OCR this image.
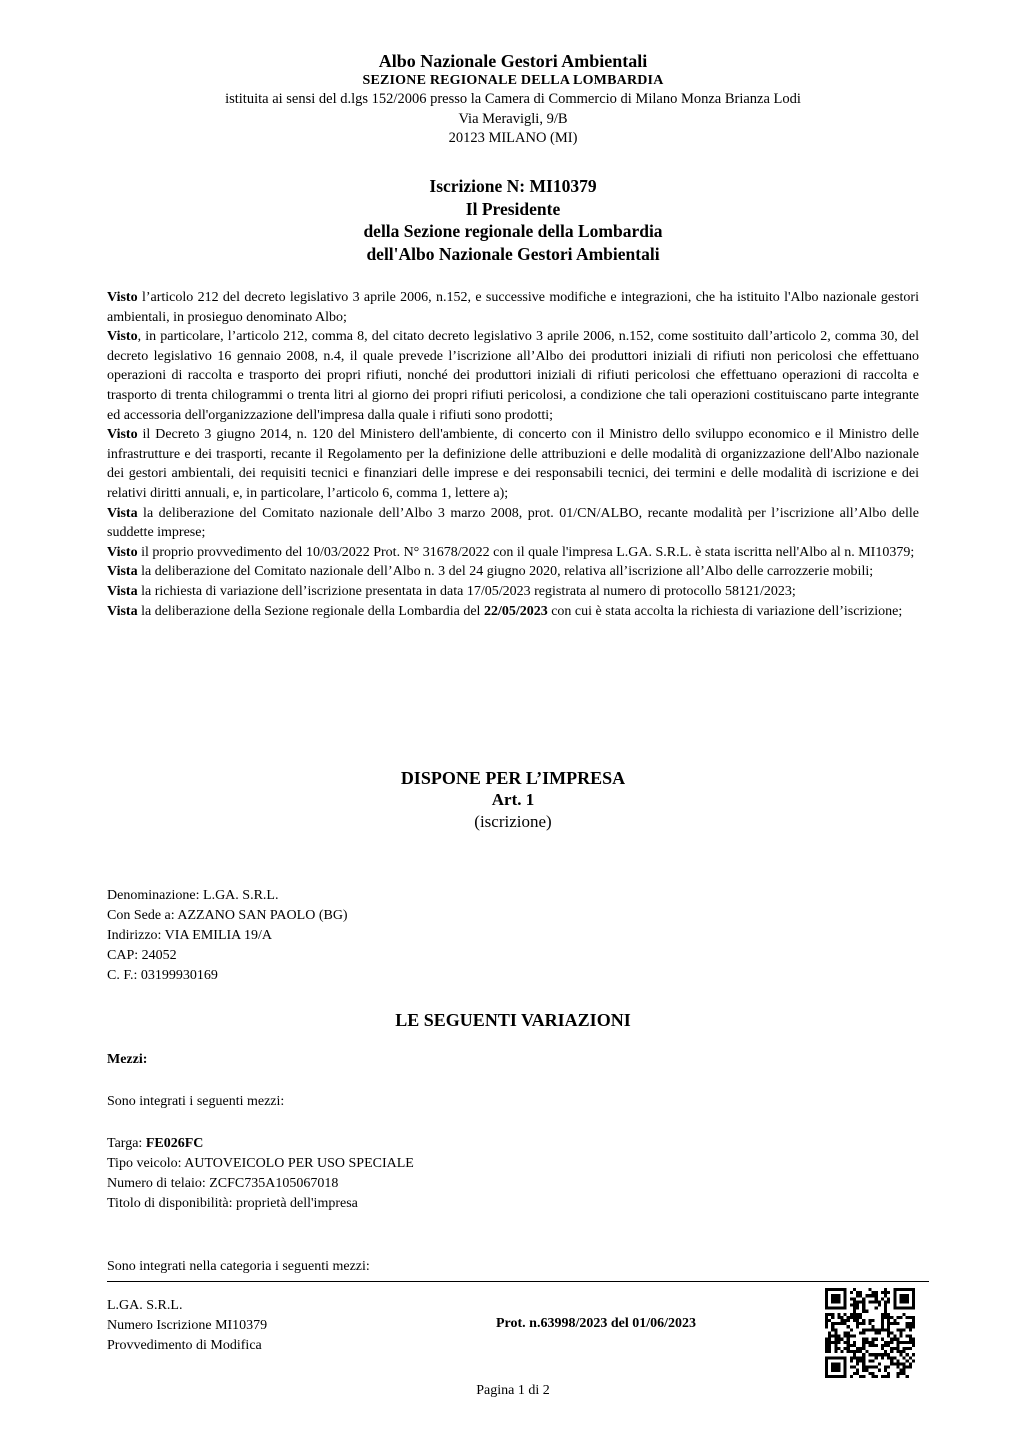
Albo Nazionale Gestori Ambientali
SEZIONE REGIONALE DELLA LOMBARDIA
istituita ai sensi del d.lgs 152/2006 presso la Camera di Commercio di Milano Monza Brianza Lodi
Via Meravigli, 9/B
20123 MILANO (MI)
Iscrizione N: MI10379
Il Presidente
della Sezione regionale della Lombardia
dell'Albo Nazionale Gestori Ambientali

Visto l’articolo 212 del decreto legislativo 3 aprile 2006, n.152, e successive modifiche e integrazioni, che ha istituito l'Albo nazionale gestori ambientali, in prosieguo denominato Albo;

Visto, in particolare, l’articolo 212, comma 8, del citato decreto legislativo 3 aprile 2006, n.152, come sostituito dall’articolo 2, comma 30, del decreto legislativo 16 gennaio 2008, n.4, il quale prevede l’iscrizione all’Albo dei produttori iniziali di rifiuti non pericolosi che effettuano operazioni di raccolta e trasporto dei propri rifiuti, nonché dei produttori iniziali di rifiuti pericolosi che effettuano operazioni di raccolta e trasporto di trenta chilogrammi o trenta litri al giorno dei propri rifiuti pericolosi, a condizione che tali operazioni costituiscano parte integrante ed accessoria dell'organizzazione dell'impresa dalla quale i rifiuti sono prodotti;

Visto il Decreto 3 giugno 2014, n. 120 del Ministero dell'ambiente, di concerto con il Ministro dello sviluppo economico e il Ministro delle infrastrutture e dei trasporti, recante il Regolamento per la definizione delle attribuzioni e delle modalità di organizzazione dell'Albo nazionale dei gestori ambientali, dei requisiti tecnici e finanziari delle imprese e dei responsabili tecnici, dei termini e delle modalità di iscrizione e dei relativi diritti annuali, e, in particolare, l’articolo 6, comma 1, lettere a);

Vista la deliberazione del Comitato nazionale dell’Albo 3 marzo 2008, prot. 01/CN/ALBO, recante modalità per l’iscrizione all’Albo delle suddette imprese;

Visto il proprio provvedimento del 10/03/2022 Prot. N° 31678/2022 con il quale l'impresa L.GA. S.R.L. è stata iscritta nell'Albo al n. MI10379;

Vista la deliberazione del Comitato nazionale dell’Albo n. 3 del 24 giugno 2020, relativa all’iscrizione all’Albo delle carrozzerie mobili;

Vista la richiesta di variazione dell’iscrizione presentata in data 17/05/2023 registrata al numero di protocollo 58121/2023;

Vista la deliberazione della Sezione regionale della Lombardia del 22/05/2023 con cui è stata accolta la richiesta di variazione dell’iscrizione;

DISPONE PER L’IMPRESA
Art. 1
(iscrizione)
Denominazione: L.GA. S.R.L.
Con Sede a: AZZANO SAN PAOLO (BG)
Indirizzo: VIA EMILIA 19/A
CAP: 24052
C. F.: 03199930169
LE SEGUENTI VARIAZIONI
Mezzi:
Sono integrati i seguenti mezzi:
Targa: FE026FC
Tipo veicolo: AUTOVEICOLO PER USO SPECIALE
Numero di telaio: ZCFC735A105067018
Titolo di disponibilità: proprietà dell'impresa
Sono integrati nella categoria i seguenti mezzi:
L.GA. S.R.L.
Numero Iscrizione MI10379
Provvedimento di Modifica
Prot. n.63998/2023 del 01/06/2023
Pagina 1 di 2
